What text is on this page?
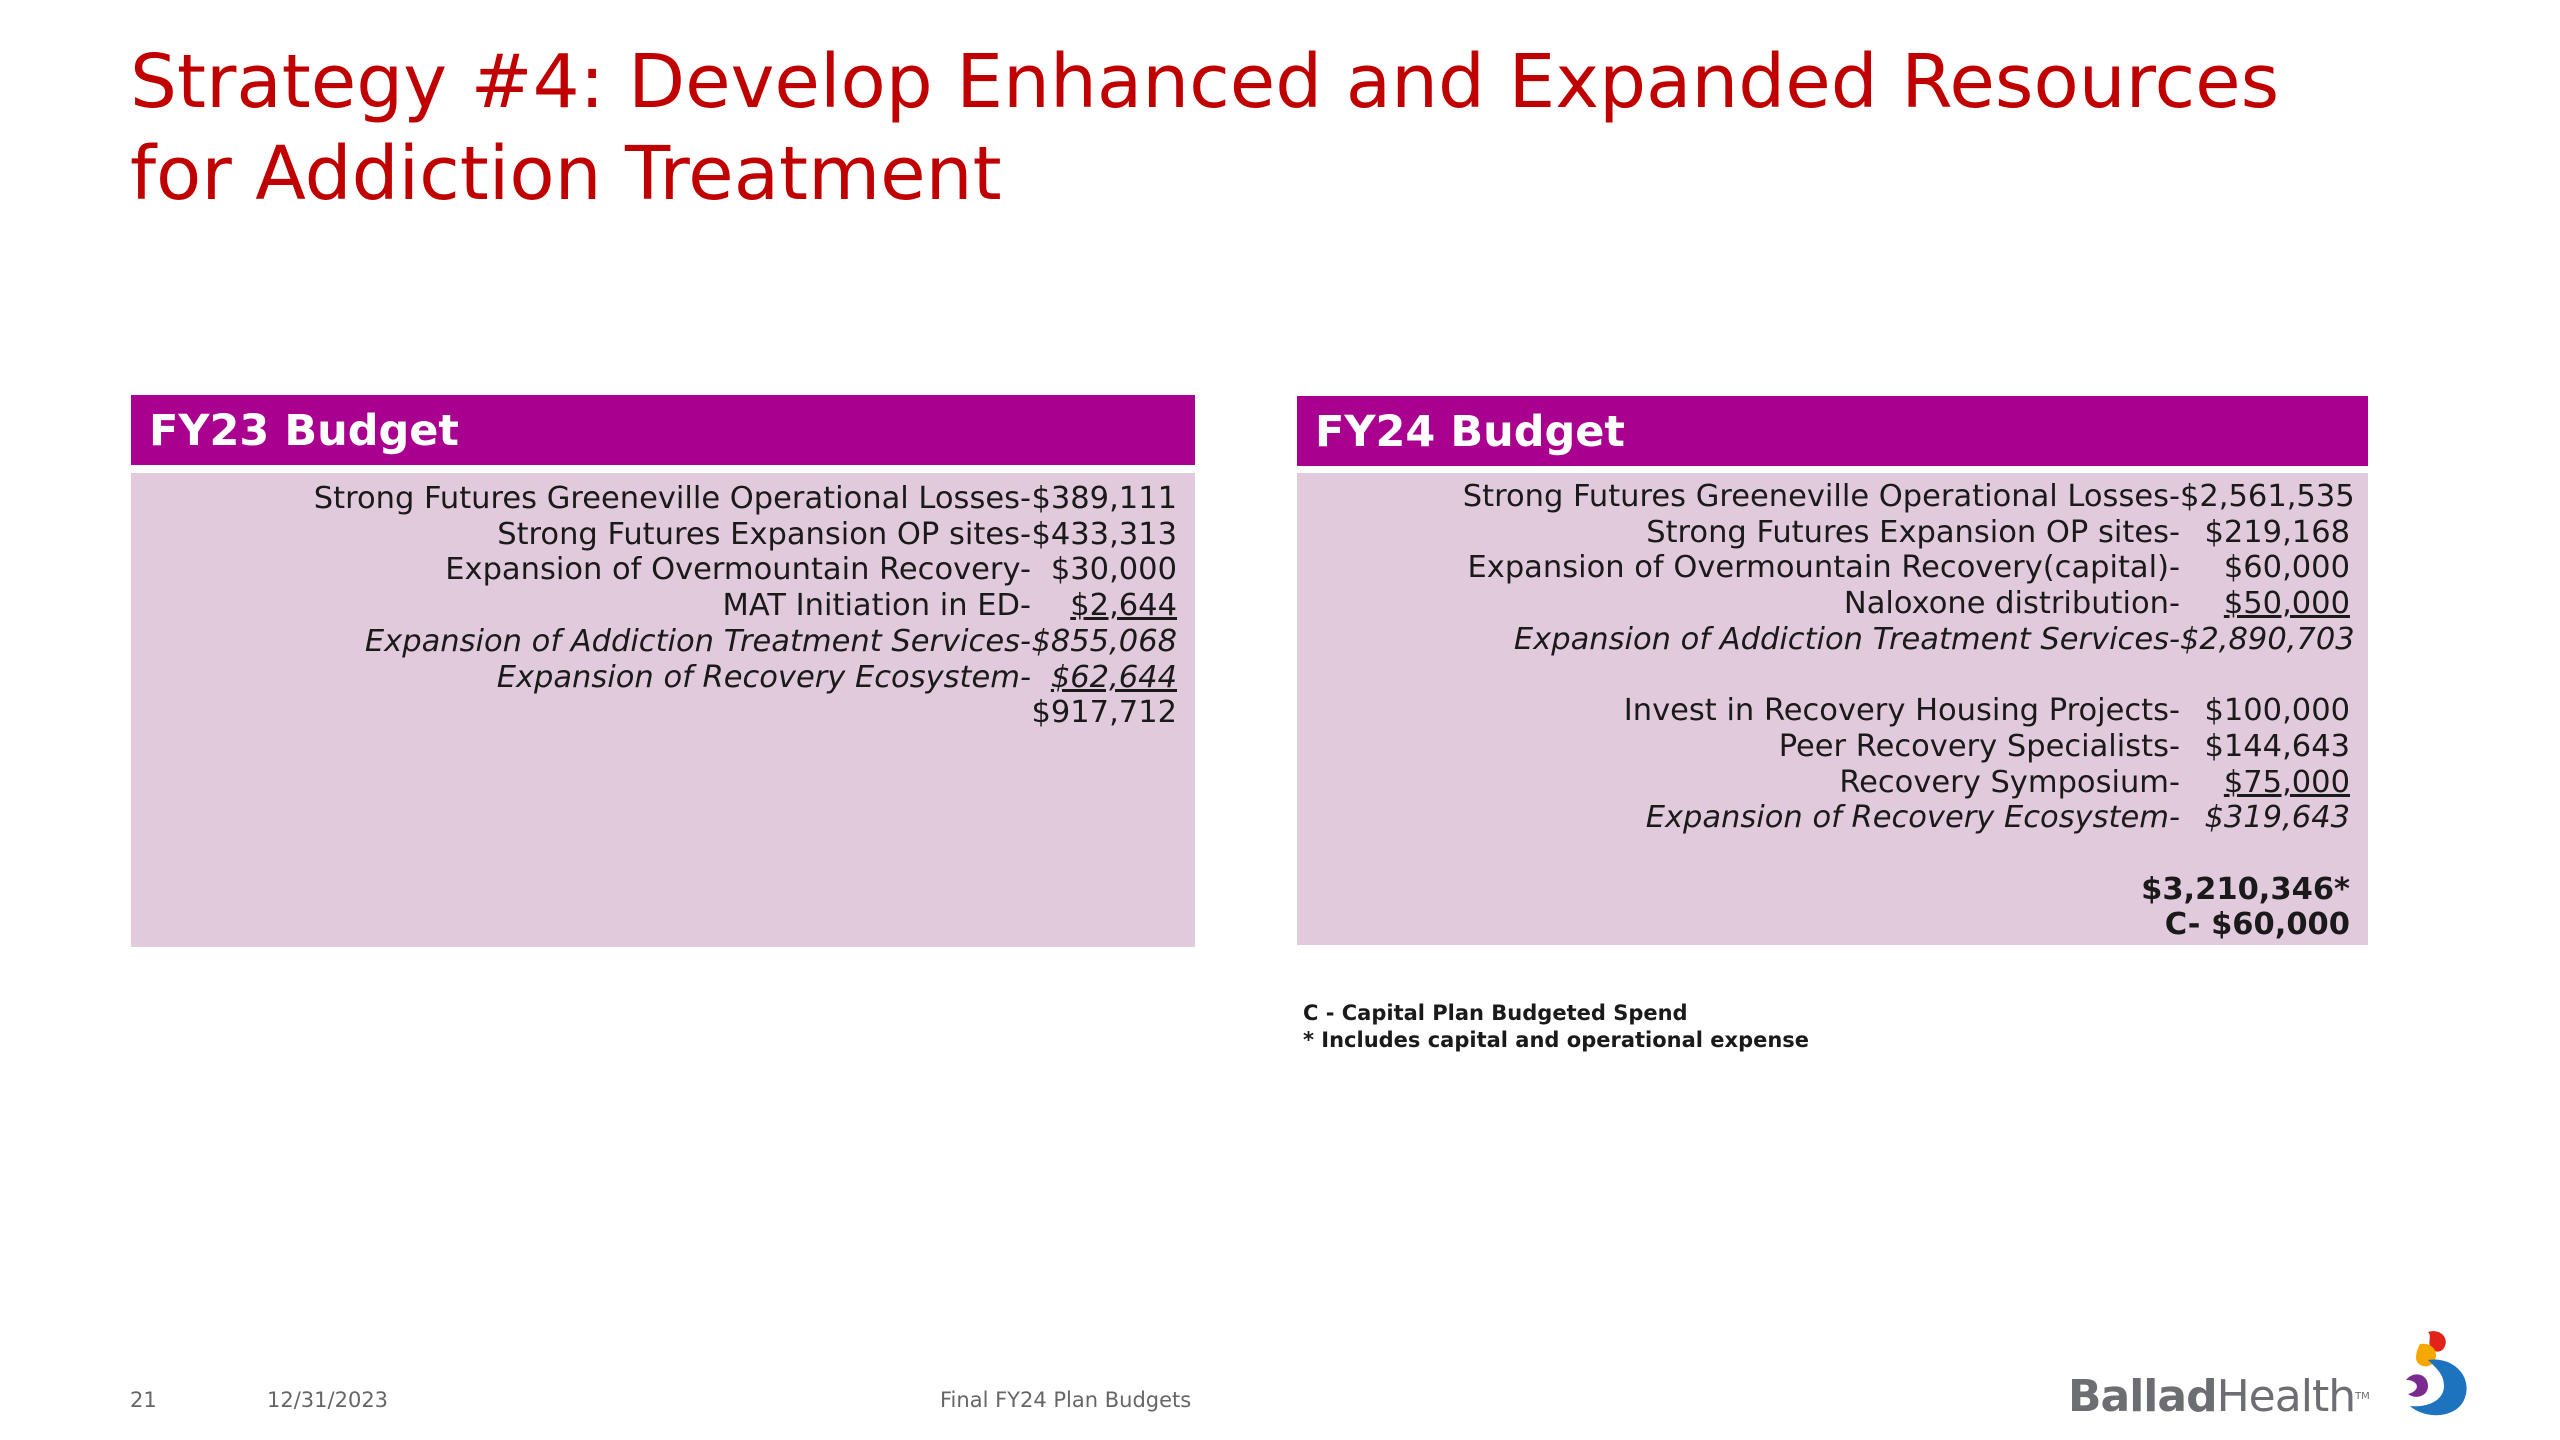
Strategy #4: Develop Enhanced and Expanded Resources
for Addiction Treatment
FY23 Budget
Strong Futures Greeneville Operational Losses- $389,111
Strong Futures Expansion OP sites- $433,313
Expansion of Overmountain Recovery- $30,000
MAT Initiation in ED-	$2,644
Expansion of Addiction Treatment Services- $855,068
Expansion of Recovery Ecosystem- $62,644
$917,712
FY24 Budget
Strong Futures Greeneville Operational Losses- $2,561,535
Strong Futures Expansion OP sites- $219,168
Expansion of Overmountain Recovery(capital)-	$60,000
Naloxone distribution-	$50,000
Expansion of Addiction Treatment Services- $2,890,703
Invest in Recovery Housing Projects- $100,000
Peer Recovery Specialists- $144,643
Recovery Symposium-	$75,000
Expansion of Recovery Ecosystem- $319,643
$3,210,346*
C- $60,000
C - Capital Plan Budgeted Spend
* Includes capital and operational expense
21	12/31/2023	Final FY24 Plan Budgets	BalladHealthTM
